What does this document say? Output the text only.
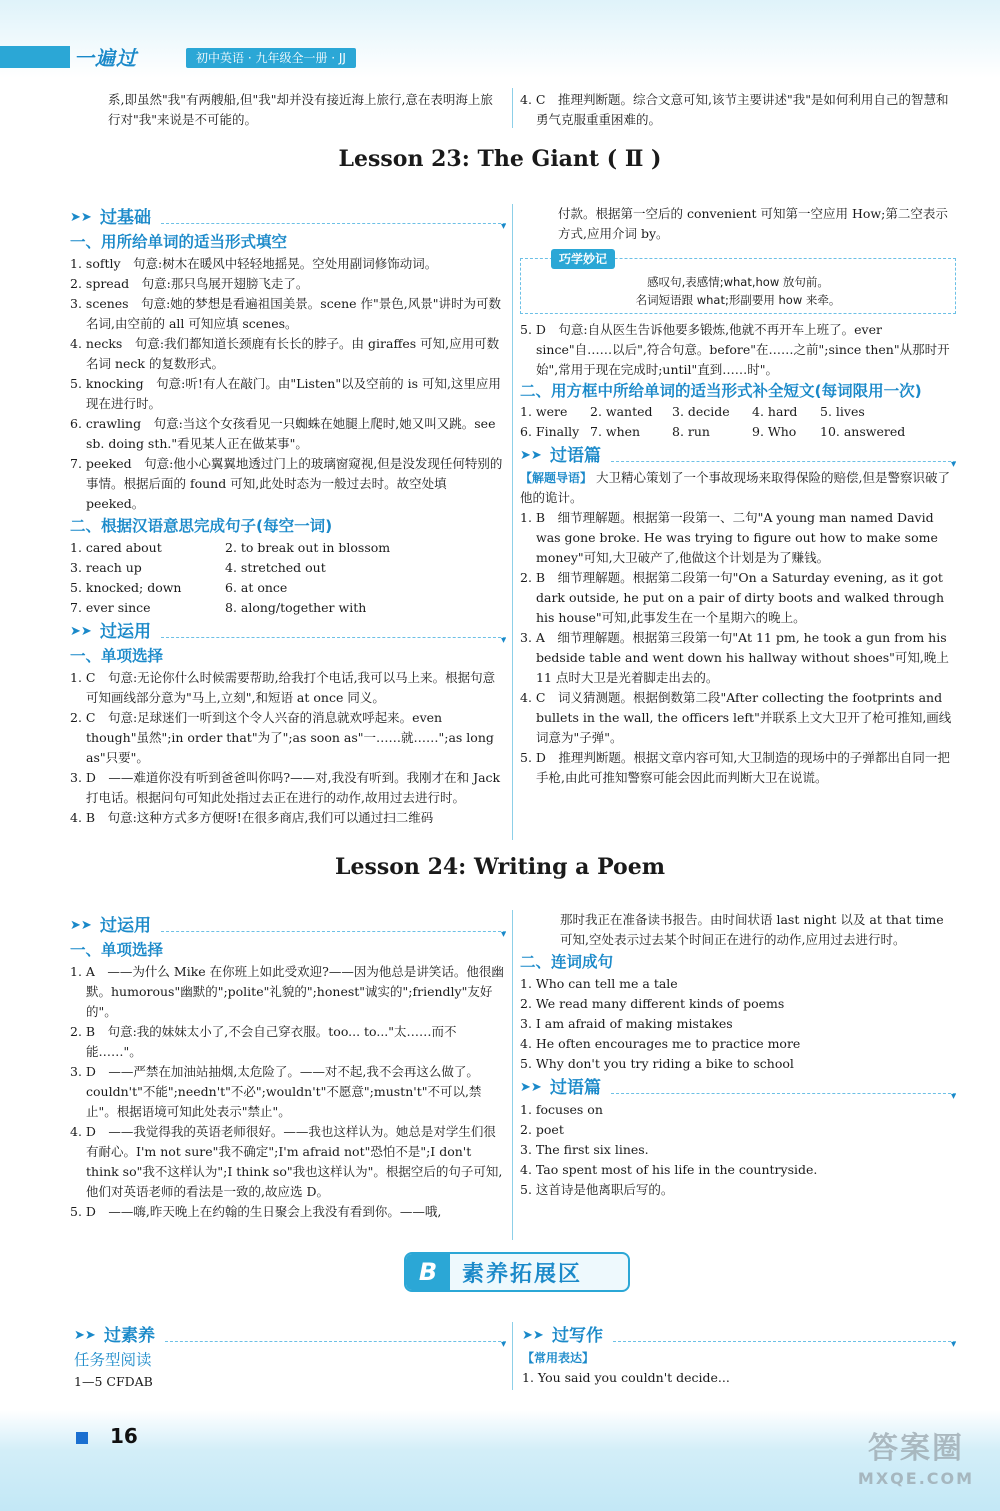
一遍过	初中英语 · 九年级全一册 · JJ

系,即虽然"我"有两艘船,但"我"却并没有接近海上旅行,意在表明海上旅行对"我"来说是不可能的。

4. C　推理判断题。综合文意可知,该节主要讲述"我"是如何利用自己的智慧和勇气克服重重困难的。

Lesson 23: The Giant ( Ⅱ )
➤➤ 过基础
▾
一、用所给单词的适当形式填空

1. softly　句意:树木在暖风中轻轻地摇晃。空处用副词修饰动词。

2. spread　句意:那只鸟展开翅膀飞走了。

3. scenes　句意:她的梦想是看遍祖国美景。scene 作"景色,风景"讲时为可数名词,由空前的 all 可知应填 scenes。

4. necks　句意:我们都知道长颈鹿有长长的脖子。由 giraffes 可知,应用可数名词 neck 的复数形式。

5. knocking　句意:听!有人在敲门。由"Listen"以及空前的 is 可知,这里应用现在进行时。

6. crawling　句意:当这个女孩看见一只蜘蛛在她腿上爬时,她又叫又跳。see sb. doing sth."看见某人正在做某事"。

7. peeked　句意:他小心翼翼地透过门上的玻璃窗窥视,但是没发现任何特别的事情。根据后面的 found 可知,此处时态为一般过去时。故空处填 peeked。

二、根据汉语意思完成句子(每空一词)
1. cared about	2. to break out in blossom
3. reach up	4. stretched out
5. knocked; down	6. at once
7. ever since	8. along/together with
➤➤ 过运用
▾
一、单项选择

1. C　句意:无论你什么时候需要帮助,给我打个电话,我可以马上来。根据句意可知画线部分意为"马上,立刻",和短语 at once 同义。

2. C　句意:足球迷们一听到这个令人兴奋的消息就欢呼起来。even though"虽然";in order that"为了";as soon as"一……就……";as long as"只要"。

3. D　——难道你没有听到爸爸叫你吗?——对,我没有听到。我刚才在和 Jack 打电话。根据问句可知此处指过去正在进行的动作,故用过去进行时。

4. B　句意:这种方式多方便呀!在很多商店,我们可以通过扫二维码

付款。根据第一空后的 convenient 可知第一空应用 How;第二空表示方式,应用介词 by。

巧学妙记
感叹句,表感情;what,how 放句前。
名词短语跟 what;形副要用 how 来牵。

5. D　句意:自从医生告诉他要多锻炼,他就不再开车上班了。ever since"自……以后",符合句意。before"在……之前";since then"从那时开始",常用于现在完成时;until"直到……时"。

二、用方框中所给单词的适当形式补全短文(每词限用一次)
1. were	2. wanted	3. decide	4. hard	5. lives
6. Finally 7. when	8. run	9. Who	10. answered
➤➤ 过语篇
▾

【解题导语】 大卫精心策划了一个事故现场来取得保险的赔偿,但是警察识破了他的诡计。

1. B　细节理解题。根据第一段第一、二句"A young man named David was gone broke. He was trying to figure out how to make some money"可知,大卫破产了,他做这个计划是为了赚钱。

2. B　细节理解题。根据第二段第一句"On a Saturday evening, as it got dark outside, he put on a pair of dirty boots and walked through his house"可知,此事发生在一个星期六的晚上。

3. A　细节理解题。根据第三段第一句"At 11 pm, he took a gun from his bedside table and went down his hallway without shoes"可知,晚上 11 点时大卫是光着脚走出去的。

4. C　词义猜测题。根据倒数第二段"After collecting the footprints and bullets in the wall, the officers left"并联系上文大卫开了枪可推知,画线词意为"子弹"。

5. D　推理判断题。根据文章内容可知,大卫制造的现场中的子弹都出自同一把手枪,由此可推知警察可能会因此而判断大卫在说谎。

Lesson 24: Writing a Poem
➤➤ 过运用
▾
一、单项选择

1. A　——为什么 Mike 在你班上如此受欢迎?——因为他总是讲笑话。他很幽默。humorous"幽默的";polite"礼貌的";honest"诚实的";friendly"友好的"。

2. B　句意:我的妹妹太小了,不会自己穿衣服。too... to..."太……而不能……"。

3. D　——严禁在加油站抽烟,太危险了。——对不起,我不会再这么做了。couldn't"不能";needn't"不必";wouldn't"不愿意";mustn't"不可以,禁止"。根据语境可知此处表示"禁止"。

4. D　——我觉得我的英语老师很好。——我也这样认为。她总是对学生们很有耐心。I'm not sure"我不确定";I'm afraid not"恐怕不是";I don't think so"我不这样认为";I think so"我也这样认为"。根据空后的句子可知,他们对英语老师的看法是一致的,故应选 D。

5. D　——嗨,昨天晚上在约翰的生日聚会上我没有看到你。——哦,

那时我正在准备读书报告。由时间状语 last night 以及 at that time 可知,空处表示过去某个时间正在进行的动作,应用过去进行时。

二、连词成句

1. Who can tell me a tale

2. We read many different kinds of poems

3. I am afraid of making mistakes

4. He often encourages me to practice more

5. Why don't you try riding a bike to school

➤➤ 过语篇
▾

1. focuses on

2. poet

3. The first six lines.

4. Tao spent most of his life in the countryside.

5. 这首诗是他离职后写的。

B	素养拓展区
➤➤ 过素养
▾
任务型阅读

1—5 CFDAB

➤➤ 过写作
▾

【常用表达】

1. You said you couldn't decide...

16	答案圈
MXQE.COM
